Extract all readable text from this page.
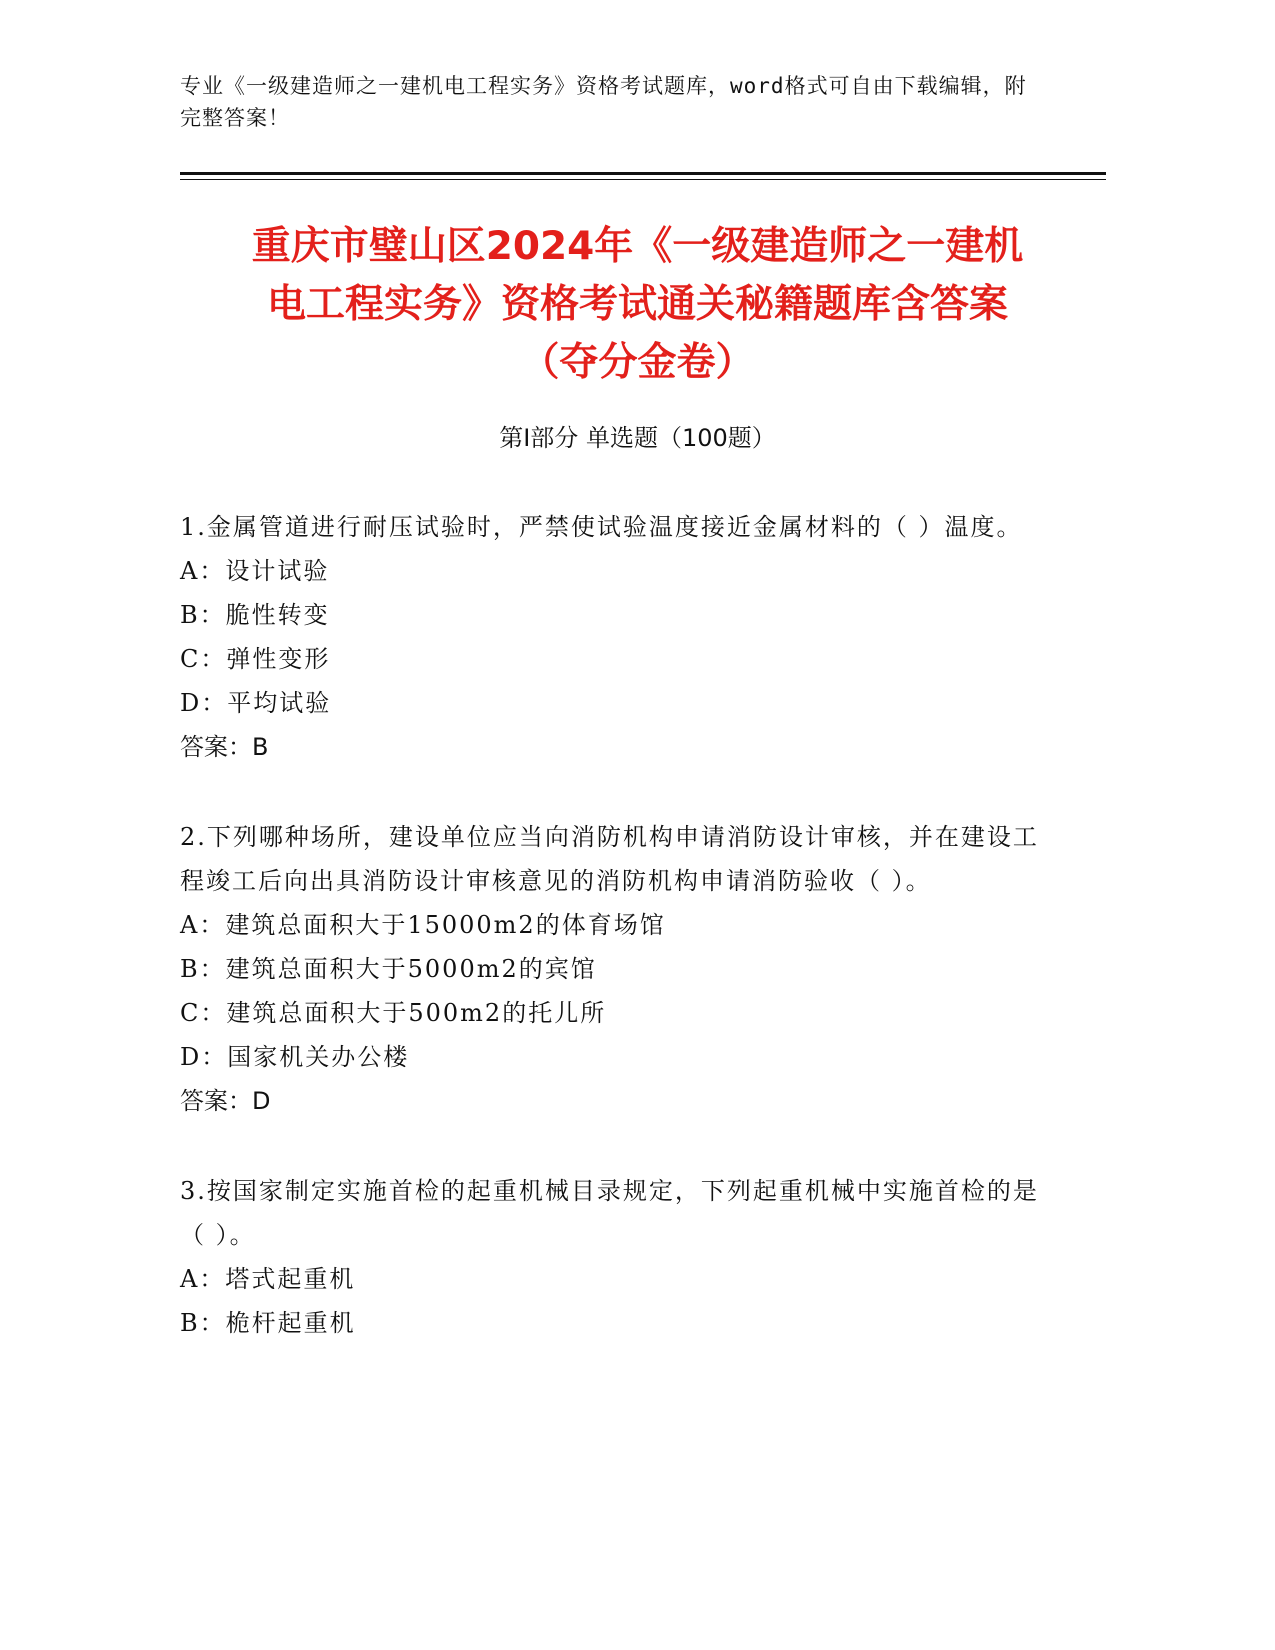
专业《一级建造师之一建机电工程实务》资格考试题库，word格式可自由下载编辑，附完整答案！
重庆市璧山区2024年《一级建造师之一建机
电工程实务》资格考试通关秘籍题库含答案
（夺分金卷）
第I部分 单选题（100题）

1.金属管道进行耐压试验时，严禁使试验温度接近金属材料的（ ）温度。

A：设计试验

B：脆性转变

C：弹性变形

D：平均试验

答案：B

2.下列哪种场所，建设单位应当向消防机构申请消防设计审核，并在建设工程竣工后向出具消防设计审核意见的消防机构申请消防验收（ ）。

A：建筑总面积大于15000m2的体育场馆

B：建筑总面积大于5000m2的宾馆

C：建筑总面积大于500m2的托儿所

D：国家机关办公楼

答案：D

3.按国家制定实施首检的起重机械目录规定，下列起重机械中实施首检的是（ ）。

A：塔式起重机

B：桅杆起重机
